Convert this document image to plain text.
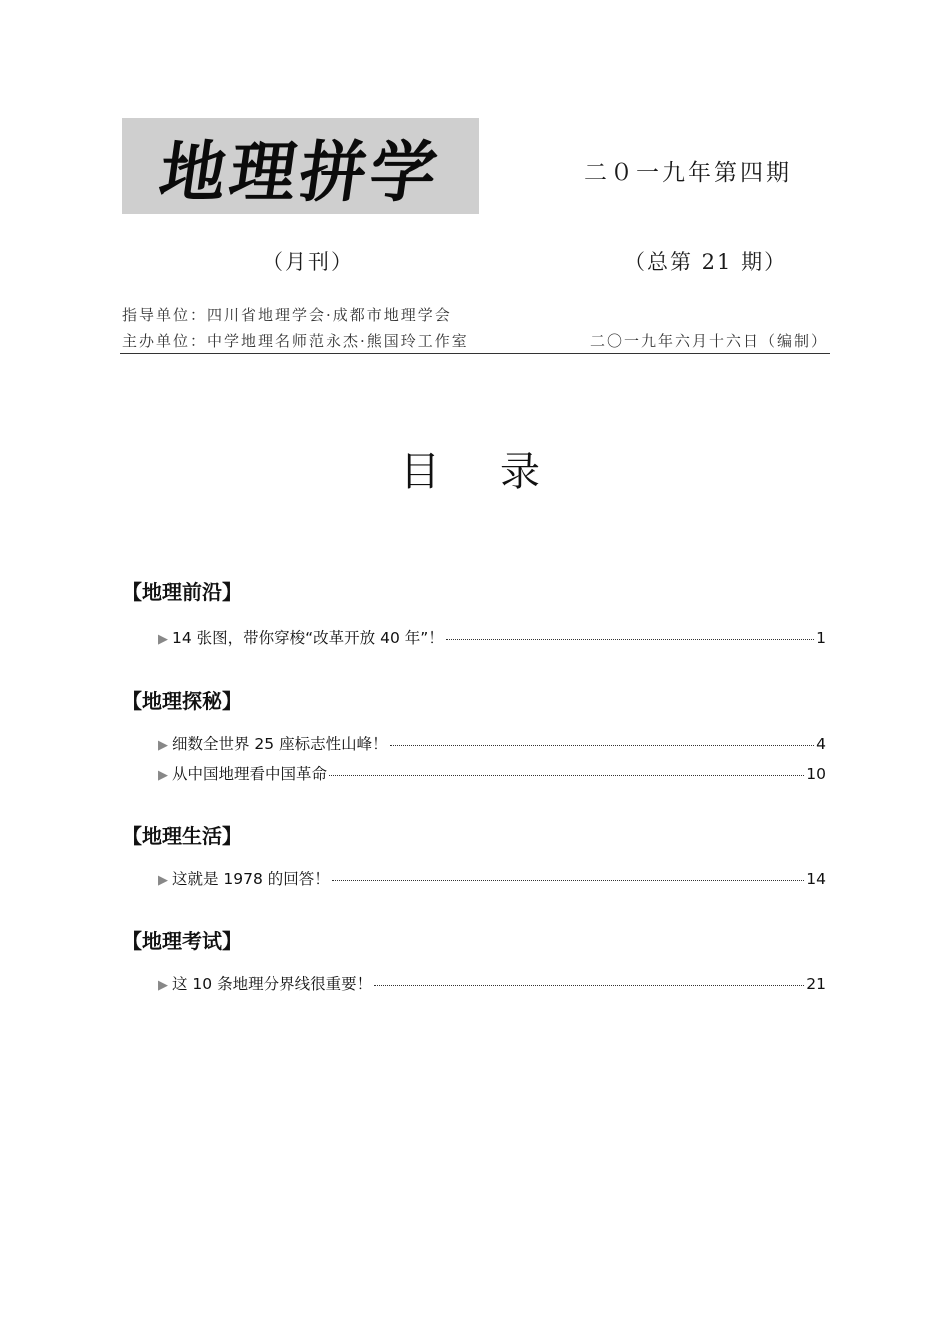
地理拼学	二０一九年第四期
（月刊）	（总第 21 期）
指导单位：四川省地理学会·成都市地理学会
主办单位：中学地理名师范永杰·熊国玲工作室	二〇一九年六月十六日（编制）
目录
【地理前沿】
▶ 14 张图，带你穿梭“改革开放 40 年”！	1
【地理探秘】
▶ 细数全世界 25 座标志性山峰！	4
▶ 从中国地理看中国革命	10
【地理生活】
▶ 这就是 1978 的回答！	14
【地理考试】
▶ 这 10 条地理分界线很重要！	21
